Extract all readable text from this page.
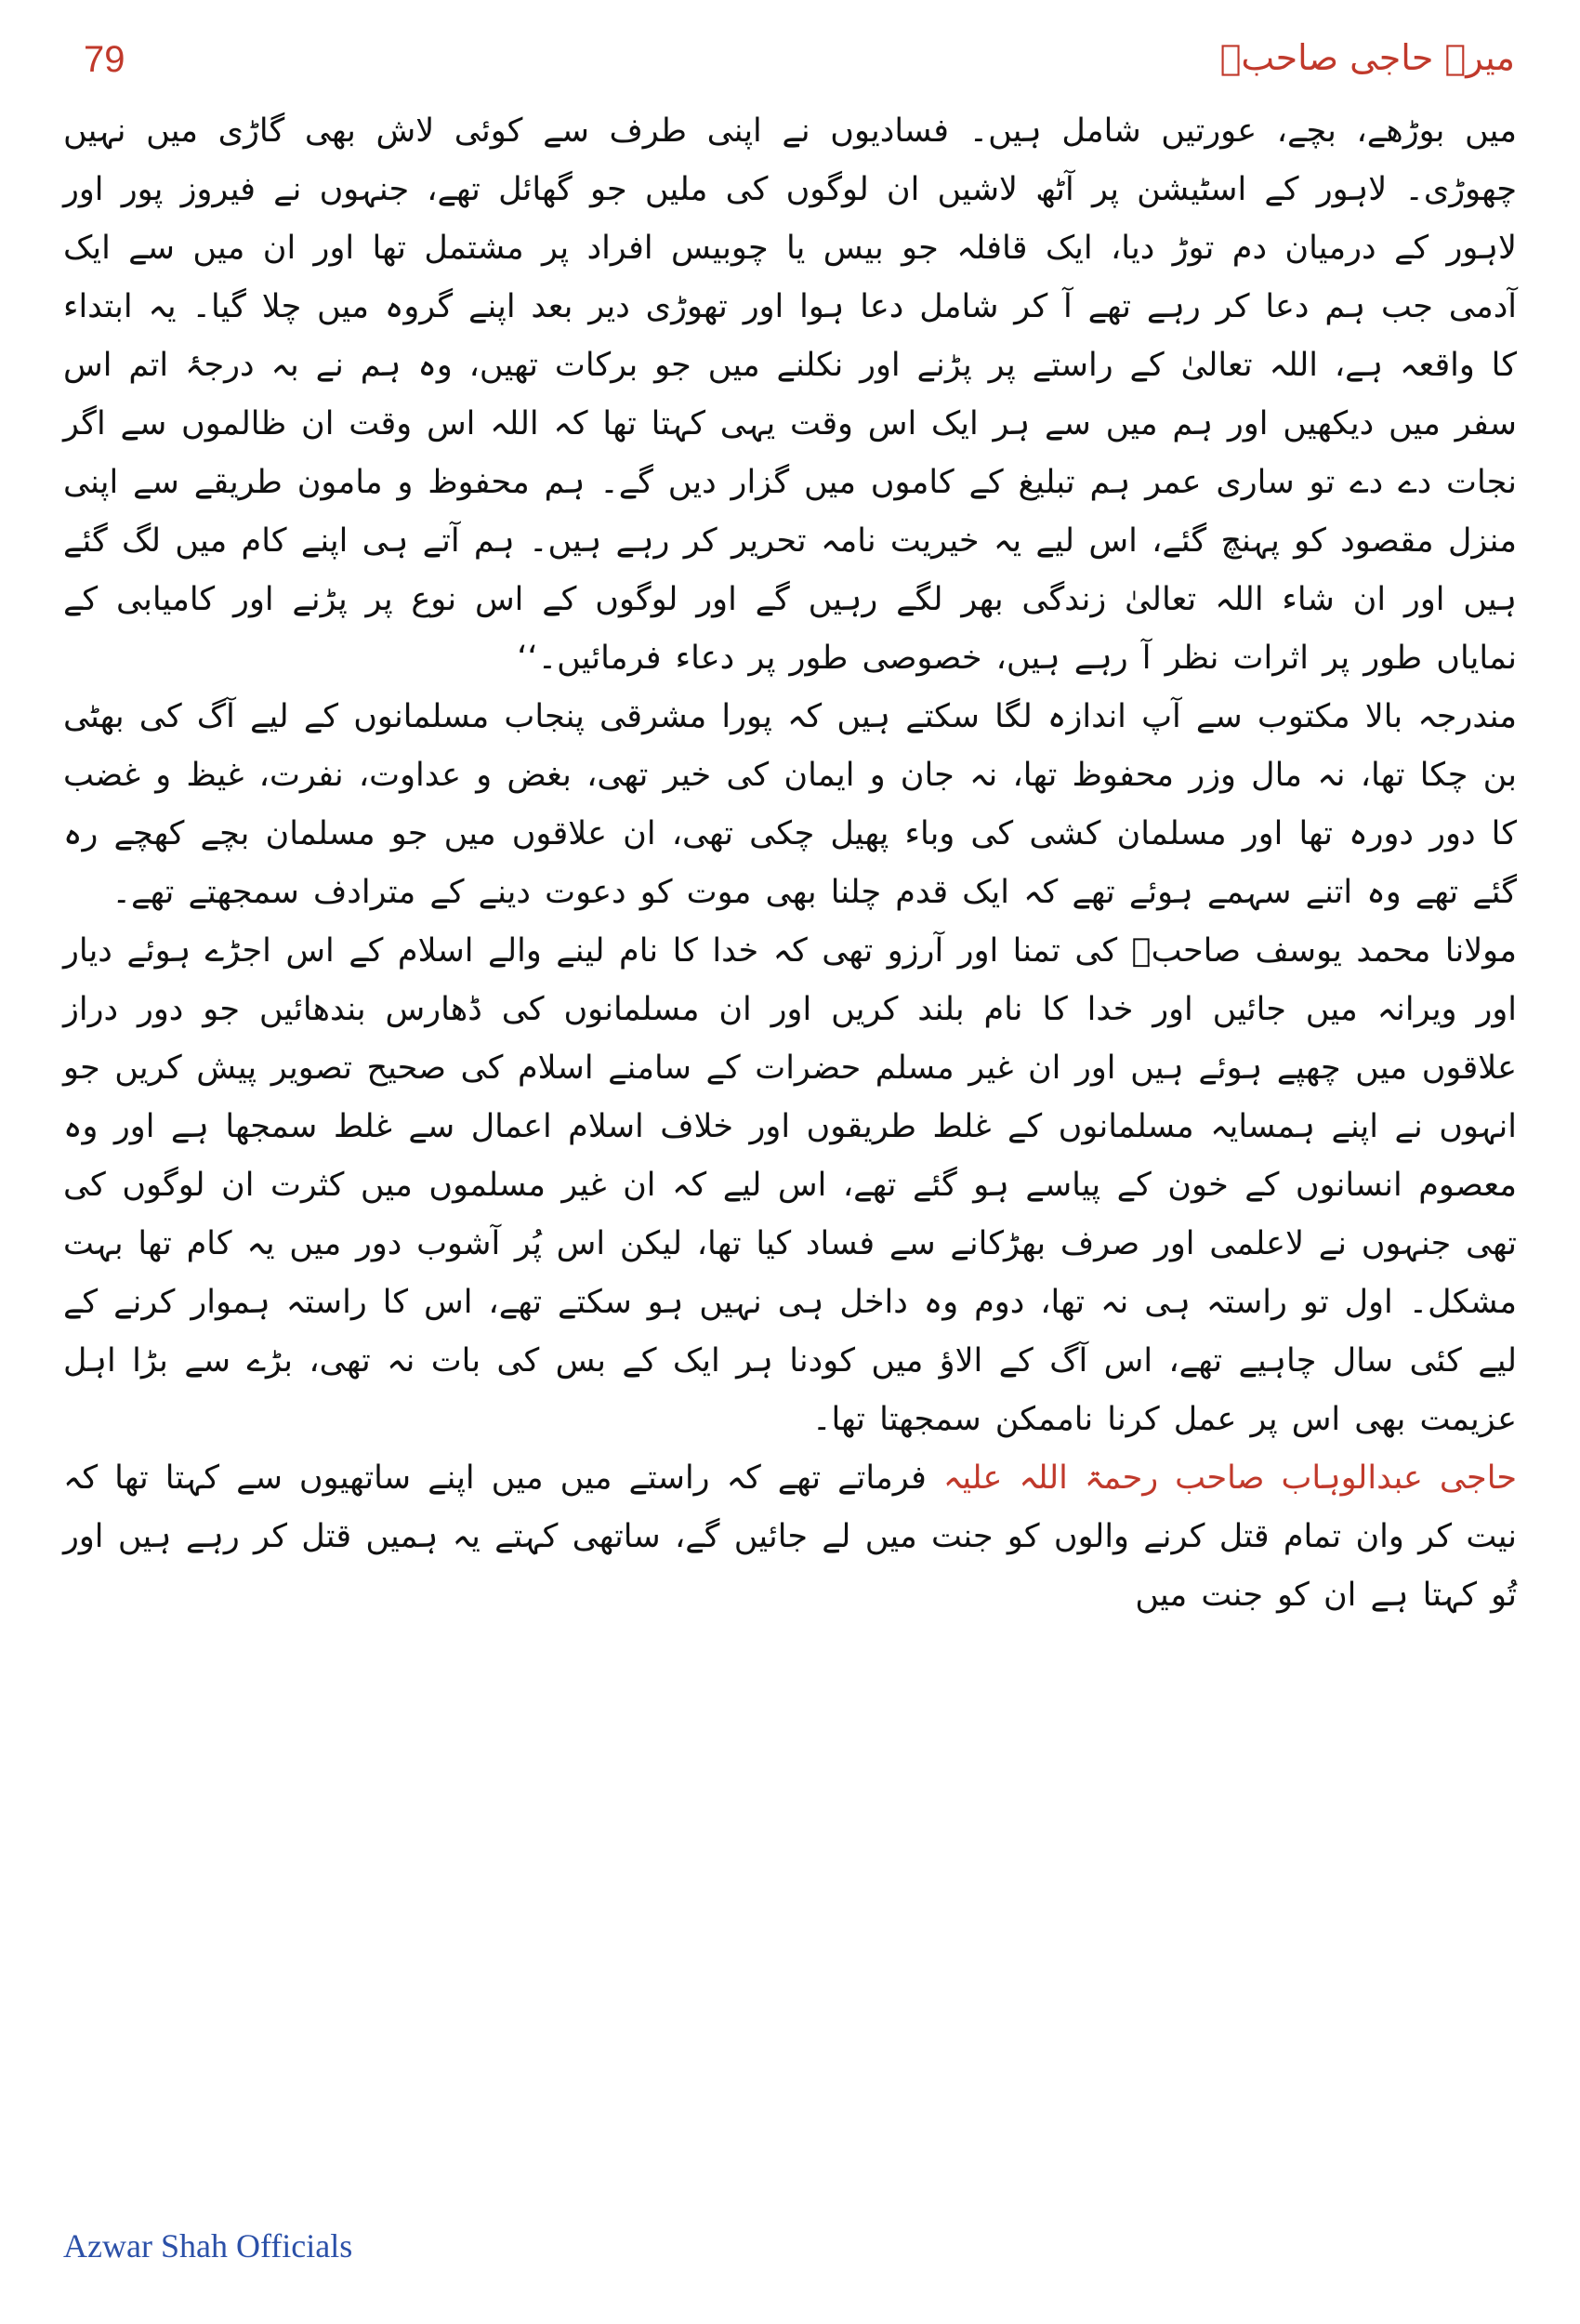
79	میرے حاجی صاحبؒ

میں بوڑھے، بچے، عورتیں شامل ہیں۔ فسادیوں نے اپنی طرف سے کوئی لاش بھی گاڑی میں نہیں چھوڑی۔ لاہور کے اسٹیشن پر آٹھ لاشیں ان لوگوں کی ملیں جو گھائل تھے، جنہوں نے فیروز پور اور لاہور کے درمیان دم توڑ دیا، ایک قافلہ جو بیس یا چوبیس افراد پر مشتمل تھا اور ان میں سے ایک آدمی جب ہم دعا کر رہے تھے آ کر شامل دعا ہوا اور تھوڑی دیر بعد اپنے گروہ میں چلا گیا۔ یہ ابتداء کا واقعہ ہے، اللہ تعالیٰ کے راستے پر پڑنے اور نکلنے میں جو برکات تھیں، وہ ہم نے بہ درجۂ اتم اس سفر میں دیکھیں اور ہم میں سے ہر ایک اس وقت یہی کہتا تھا کہ اللہ اس وقت ان ظالموں سے اگر نجات دے دے تو ساری عمر ہم تبلیغ کے کاموں میں گزار دیں گے۔ ہم محفوظ و مامون طریقے سے اپنی منزل مقصود کو پہنچ گئے، اس لیے یہ خیریت نامہ تحریر کر رہے ہیں۔ ہم آتے ہی اپنے کام میں لگ گئے ہیں اور ان شاء اللہ تعالیٰ زندگی بھر لگے رہیں گے اور لوگوں کے اس نوع پر پڑنے اور کامیابی کے نمایاں طور پر اثرات نظر آ رہے ہیں، خصوصی طور پر دعاء فرمائیں۔‘‘

مندرجہ بالا مکتوب سے آپ اندازہ لگا سکتے ہیں کہ پورا مشرقی پنجاب مسلمانوں کے لیے آگ کی بھٹی بن چکا تھا، نہ مال وزر محفوظ تھا، نہ جان و ایمان کی خیر تھی، بغض و عداوت، نفرت، غیظ و غضب کا دور دورہ تھا اور مسلمان کشی کی وباء پھیل چکی تھی، ان علاقوں میں جو مسلمان بچے کھچے رہ گئے تھے وہ اتنے سہمے ہوئے تھے کہ ایک قدم چلنا بھی موت کو دعوت دینے کے مترادف سمجھتے تھے۔

مولانا محمد یوسف صاحبؒ کی تمنا اور آرزو تھی کہ خدا کا نام لینے والے اسلام کے اس اجڑے ہوئے دیار اور ویرانہ میں جائیں اور خدا کا نام بلند کریں اور ان مسلمانوں کی ڈھارس بندھائیں جو دور دراز علاقوں میں چھپے ہوئے ہیں اور ان غیر مسلم حضرات کے سامنے اسلام کی صحیح تصویر پیش کریں جو انہوں نے اپنے ہمسایہ مسلمانوں کے غلط طریقوں اور خلاف اسلام اعمال سے غلط سمجھا ہے اور وہ معصوم انسانوں کے خون کے پیاسے ہو گئے تھے، اس لیے کہ ان غیر مسلموں میں کثرت ان لوگوں کی تھی جنہوں نے لاعلمی اور صرف بھڑکانے سے فساد کیا تھا، لیکن اس پُر آشوب دور میں یہ کام تھا بہت مشکل۔ اول تو راستہ ہی نہ تھا، دوم وہ داخل ہی نہیں ہو سکتے تھے، اس کا راستہ ہموار کرنے کے لیے کئی سال چاہیے تھے، اس آگ کے الاؤ میں کودنا ہر ایک کے بس کی بات نہ تھی، بڑے سے بڑا اہل عزیمت بھی اس پر عمل کرنا ناممکن سمجھتا تھا۔

حاجی عبدالوہاب صاحب رحمۃ اللہ علیہ فرماتے تھے کہ راستے میں میں اپنے ساتھیوں سے کہتا تھا کہ نیت کر وان تمام قتل کرنے والوں کو جنت میں لے جائیں گے، ساتھی کہتے یہ ہمیں قتل کر رہے ہیں اور تُو کہتا ہے ان کو جنت میں

Azwar Shah Officials
